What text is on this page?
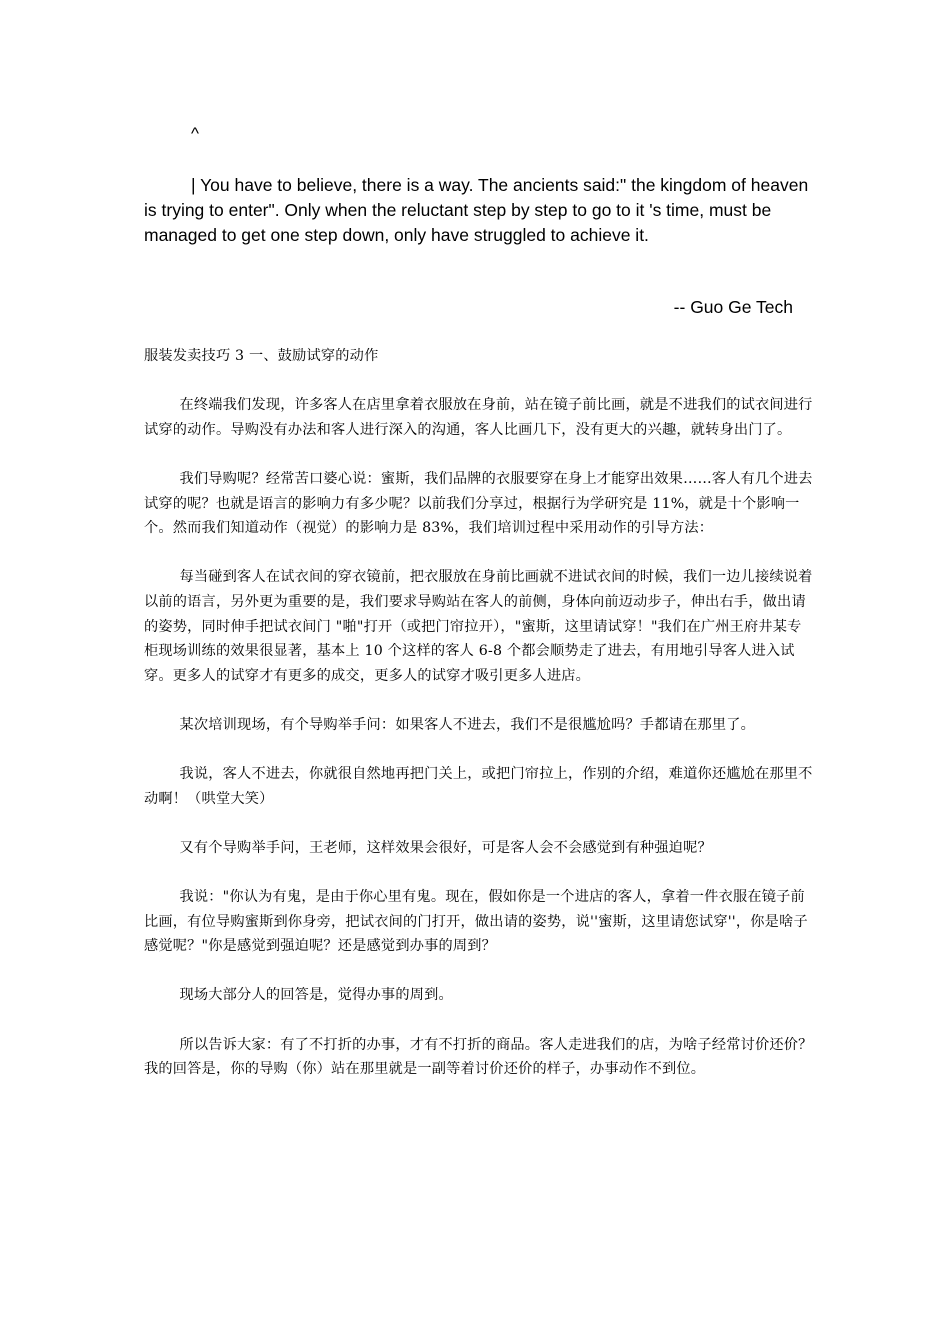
^

| You have to believe, there is a way. The ancients said:" the kingdom of heaven is trying to enter". Only when the reluctant step by step to go to it 's time, must be managed to get one step down, only have struggled to achieve it.

-- Guo Ge Tech

服装发卖技巧 3 一、鼓励试穿的动作

在终端我们发现，许多客人在店里拿着衣服放在身前，站在镜子前比画，就是不进我们的试衣间进行试穿的动作。导购没有办法和客人进行深入的沟通，客人比画几下，没有更大的兴趣，就转身出门了。

我们导购呢？经常苦口婆心说：蜜斯，我们品牌的衣服要穿在身上才能穿出效果……客人有几个进去试穿的呢？也就是语言的影响力有多少呢？以前我们分享过，根据行为学研究是 11%，就是十个影响一个。然而我们知道动作（视觉）的影响力是 83%，我们培训过程中采用动作的引导方法：

每当碰到客人在试衣间的穿衣镜前，把衣服放在身前比画就不进试衣间的时候，我们一边儿接续说着以前的语言，另外更为重要的是，我们要求导购站在客人的前侧，身体向前迈动步子，伸出右手，做出请的姿势，同时伸手把试衣间门 "啪"打开（或把门帘拉开），"蜜斯，这里请试穿！"我们在广州王府井某专柜现场训练的效果很显著，基本上 10 个这样的客人 6-8 个都会顺势走了进去，有用地引导客人进入试穿。更多人的试穿才有更多的成交，更多人的试穿才吸引更多人进店。

某次培训现场，有个导购举手问：如果客人不进去，我们不是很尴尬吗？手都请在那里了。

我说，客人不进去，你就很自然地再把门关上，或把门帘拉上，作别的介绍，难道你还尴尬在那里不动啊！（哄堂大笑）

又有个导购举手问，王老师，这样效果会很好，可是客人会不会感觉到有种强迫呢？

我说："你认为有鬼，是由于你心里有鬼。现在，假如你是一个进店的客人，拿着一件衣服在镜子前比画，有位导购蜜斯到你身旁，把试衣间的门打开，做出请的姿势，说''蜜斯，这里请您试穿''，你是啥子感觉呢？"你是感觉到强迫呢？还是感觉到办事的周到？

现场大部分人的回答是，觉得办事的周到。

所以告诉大家：有了不打折的办事，才有不打折的商品。客人走进我们的店，为啥子经常讨价还价？我的回答是，你的导购（你）站在那里就是一副等着讨价还价的样子，办事动作不到位。
